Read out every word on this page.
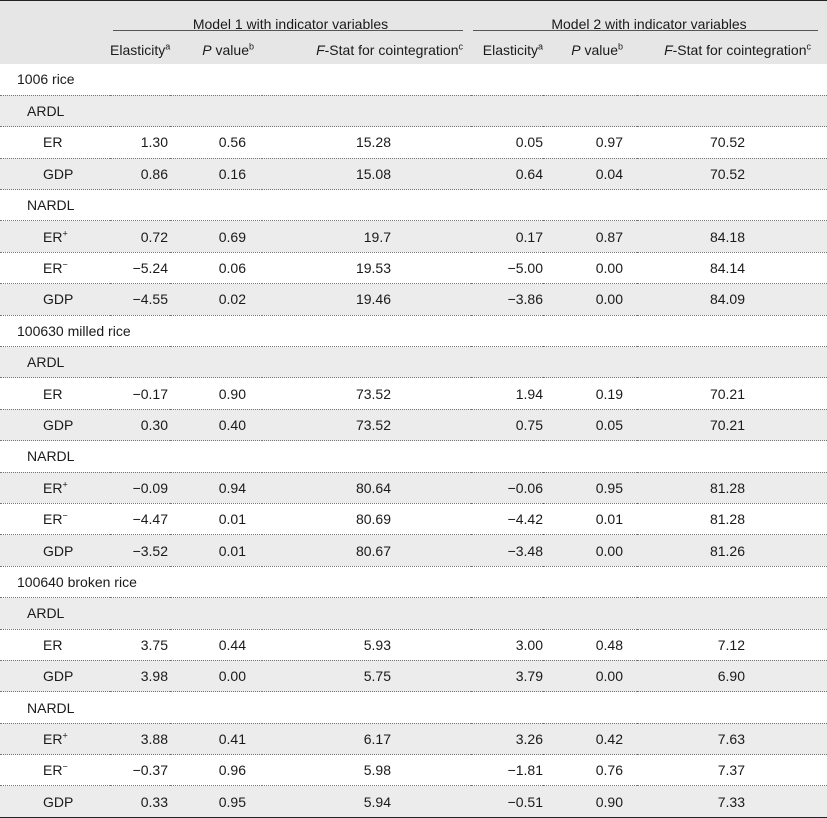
	Model 1 with indicator variables			Model 2 with indicator variables		

	Elasticity$^a$	P value$^b$	F-Stat for cointegration$^c$	Elasticity$^a$	P value$^b$	F-Stat for cointegration$^c$
1006 rice						
ARDL						
ER	1.30	0.56	15.28	0.05	0.97	70.52
GDP	0.86	0.16	15.08	0.64	0.04	70.52
NARDL						
ER+	0.72	0.69	19.7	0.17	0.87	84.18
ER−	−5.24	0.06	19.53	−5.00	0.00	84.14
GDP	−4.55	0.02	19.46	−3.86	0.00	84.09
100630 milled rice						
ARDL						
ER	−0.17	0.90	73.52	1.94	0.19	70.21
GDP	0.30	0.40	73.52	0.75	0.05	70.21
NARDL						
ER+	−0.09	0.94	80.64	−0.06	0.95	81.28
ER−	−4.47	0.01	80.69	−4.42	0.01	81.28
GDP	−3.52	0.01	80.67	−3.48	0.00	81.26
100640 broken rice						
ARDL						
ER	3.75	0.44	5.93	3.00	0.48	7.12
GDP	3.98	0.00	5.75	3.79	0.00	6.90
NARDL						
ER+	3.88	0.41	6.17	3.26	0.42	7.63
ER−	−0.37	0.96	5.98	−1.81	0.76	7.37
GDP	0.33	0.95	5.94	−0.51	0.90	7.33
